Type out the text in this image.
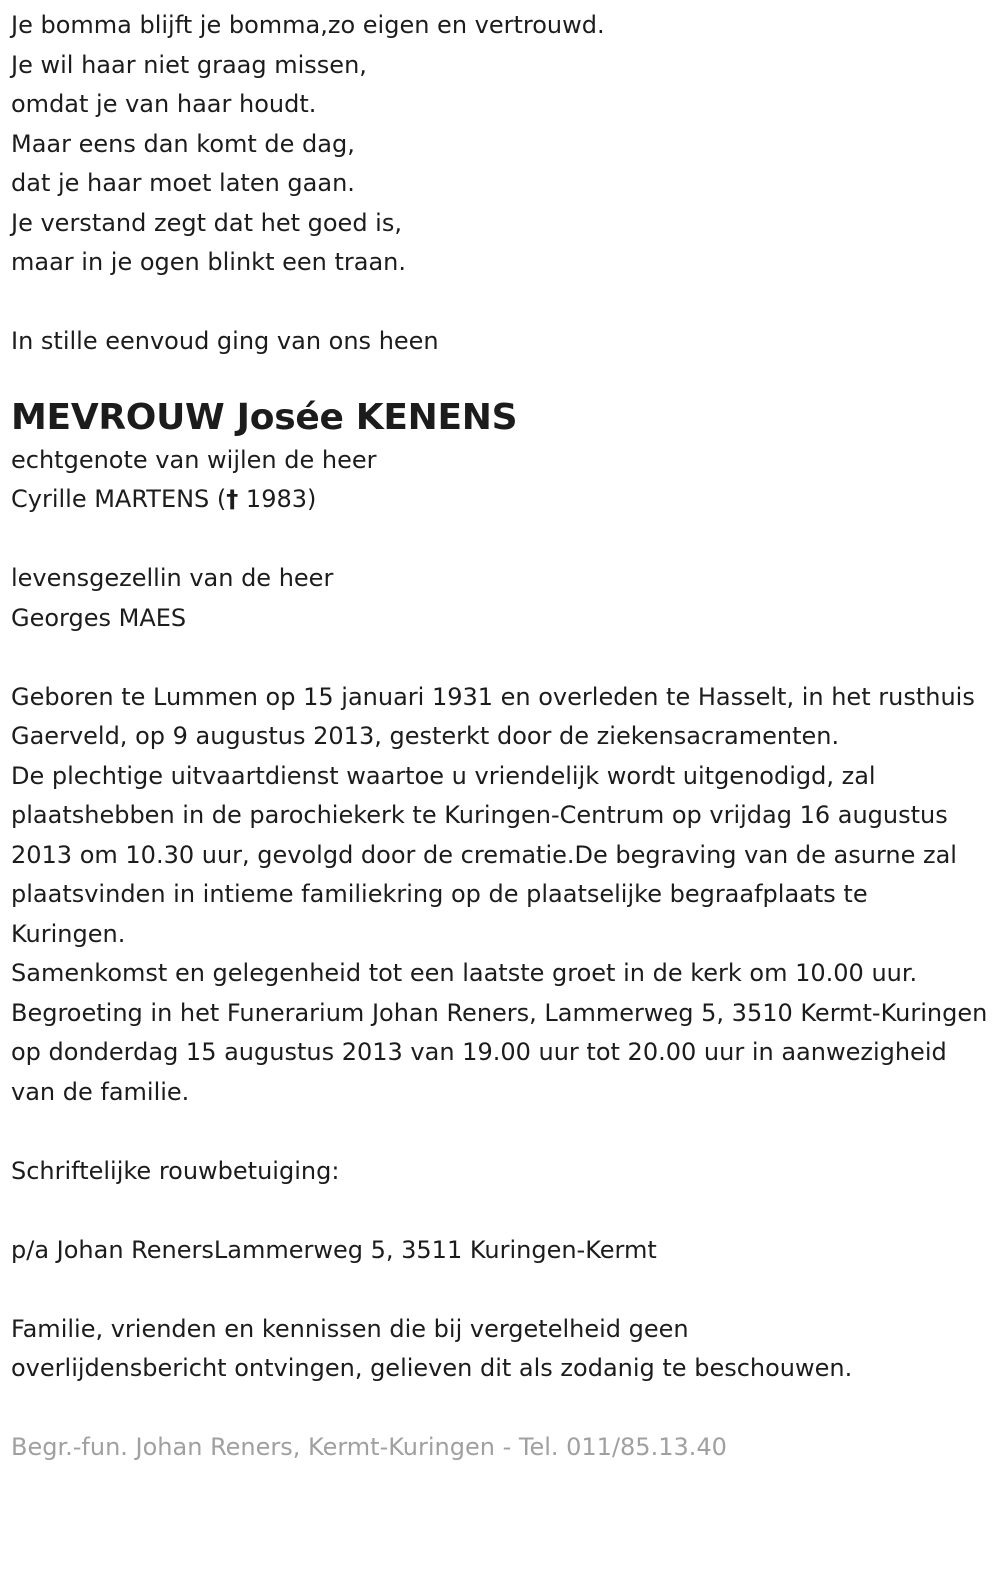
Je bomma blijft je bomma,zo eigen en vertrouwd.

Je wil haar niet graag missen,

omdat je van haar houdt.

Maar eens dan komt de dag,

dat je haar moet laten gaan.

Je verstand zegt dat het goed is,

maar in je ogen blinkt een traan.

In stille eenvoud ging van ons heen

MEVROUW Josée KENENS

echtgenote van wijlen de heer

Cyrille MARTENS († 1983)

levensgezellin van de heer

Georges MAES

Geboren te Lummen op 15 januari 1931 en overleden te Hasselt, in het rusthuis Gaerveld, op 9 augustus 2013, gesterkt door de ziekensacramenten.

De plechtige uitvaartdienst waartoe u vriendelijk wordt uitgenodigd, zal plaatshebben in de parochiekerk te Kuringen-Centrum op vrijdag 16 augustus 2013 om 10.30 uur, gevolgd door de crematie.De begraving van de asurne zal plaatsvinden in intieme familiekring op de plaatselijke begraafplaats te Kuringen.

Samenkomst en gelegenheid tot een laatste groet in de kerk om 10.00 uur.

Begroeting in het Funerarium Johan Reners, Lammerweg 5, 3510 Kermt-Kuringen op donderdag 15 augustus 2013 van 19.00 uur tot 20.00 uur in aanwezigheid van de familie.

Schriftelijke rouwbetuiging:

p/a Johan RenersLammerweg 5, 3511 Kuringen-Kermt

Familie, vrienden en kennissen die bij vergetelheid geen

overlijdensbericht ontvingen, gelieven dit als zodanig te beschouwen.

Begr.-fun. Johan Reners, Kermt-Kuringen - Tel. 011/85.13.40
